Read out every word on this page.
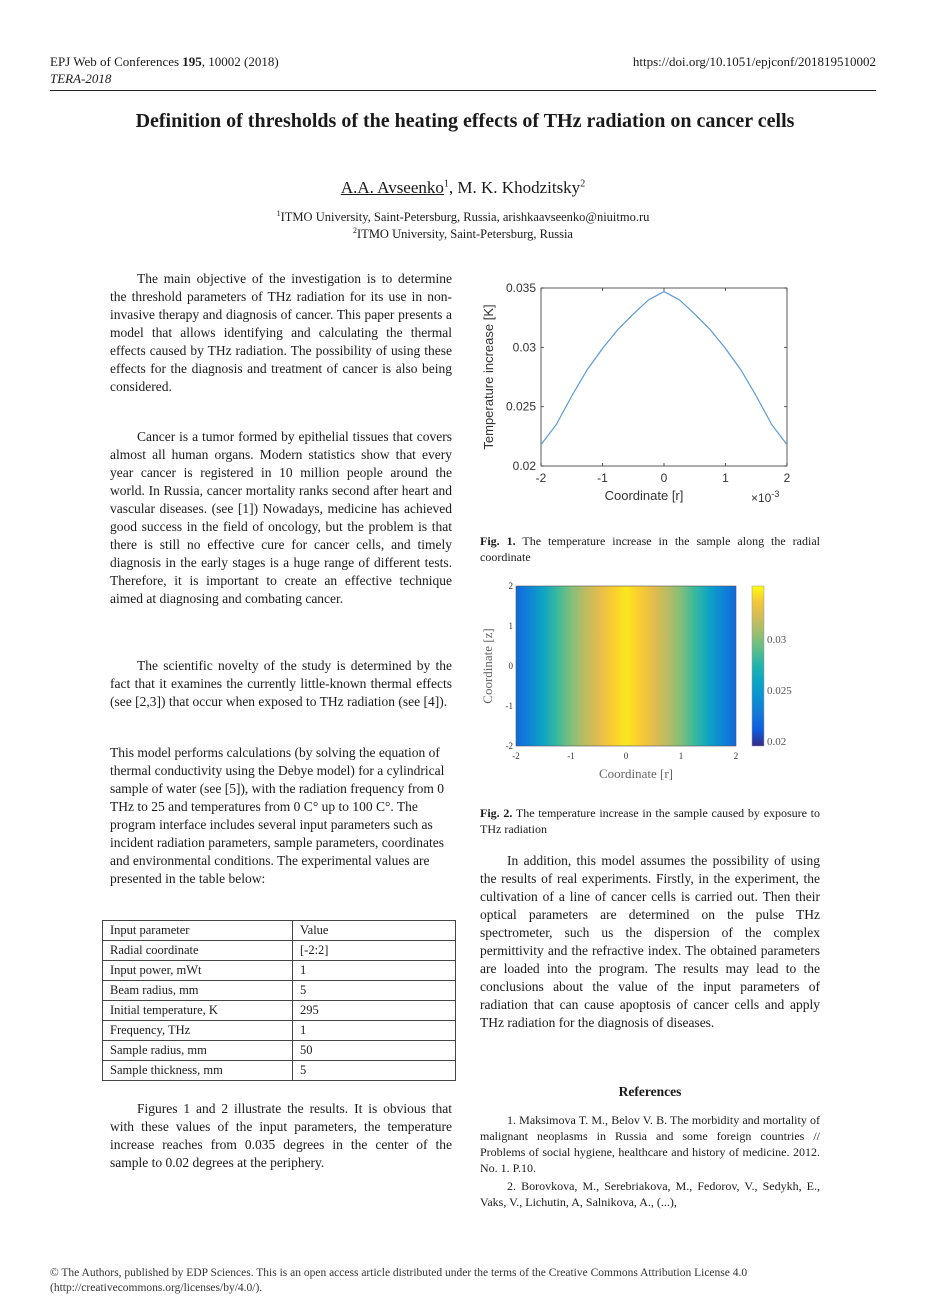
EPJ Web of Conferences 195, 10002 (2018)
TERA-2018
https://doi.org/10.1051/epjconf/201819510002
Definition of thresholds of the heating effects of THz radiation on cancer cells
A.A. Avseenko$^1$, M. K. Khodzitsky$^2$
$^1$ITMO University, Saint-Petersburg, Russia, arishkaavseenko@niuitmo.ru
$^2$ITMO University, Saint-Petersburg, Russia
The main objective of the investigation is to determine the threshold parameters of THz radiation for its use in non-invasive therapy and diagnosis of cancer. This paper presents a model that allows identifying and calculating the thermal effects caused by THz radiation. The possibility of using these effects for the diagnosis and treatment of cancer is also being considered.
Cancer is a tumor formed by epithelial tissues that covers almost all human organs. Modern statistics show that every year cancer is registered in 10 million people around the world. In Russia, cancer mortality ranks second after heart and vascular diseases. (see [1]) Nowadays, medicine has achieved good success in the field of oncology, but the problem is that there is still no effective cure for cancer cells, and timely diagnosis in the early stages is a huge range of different tests. Therefore, it is important to create an effective technique aimed at diagnosing and combating cancer.
The scientific novelty of the study is determined by the fact that it examines the currently little-known thermal effects (see [2,3]) that occur when exposed to THz radiation (see [4]).
This model performs calculations (by solving the equation of thermal conductivity using the Debye model) for a cylindrical sample of water (see [5]), with the radiation frequency from 0 THz to 25 and temperatures from 0 C° up to 100 C°. The program interface includes several input parameters such as incident radiation parameters, sample parameters, coordinates and environmental conditions. The experimental values are presented in the table below:
Input parameter	Value
Radial coordinate	[-2:2]
Input power, mWt	1
Beam radius, mm	5
Initial temperature, K	295
Frequency, THz	1
Sample radius, mm	50
Sample thickness, mm	5
Figures 1 and 2 illustrate the results. It is obvious that with these values of the input parameters, the temperature increase reaches from 0.035 degrees in the center of the sample to 0.02 degrees at the periphery.
-2	-1	0	1	2
0.02
0.025
0.03
0.035
Coordinate [r]
Temperature increase [K]
$\times 10^{-3}$
Fig. 1. The temperature increase in the sample along the radial coordinate
-2	-1	0	1	2
-2
-1
0
1
2
0.02
0.025
0.03
Coordinate [r]
Coordinate [z]
Fig. 2. The temperature increase in the sample caused by exposure to THz radiation
In addition, this model assumes the possibility of using the results of real experiments. Firstly, in the experiment, the cultivation of a line of cancer cells is carried out. Then their optical parameters are determined on the pulse THz spectrometer, such us the dispersion of the complex permittivity and the refractive index. The obtained parameters are loaded into the program. The results may lead to the conclusions about the value of the input parameters of radiation that can cause apoptosis of cancer cells and apply THz radiation for the diagnosis of diseases.
References
1. Maksimova T. M., Belov V. B. The morbidity and mortality of malignant neoplasms in Russia and some foreign countries // Problems of social hygiene, healthcare and history of medicine. 2012. No. 1. P.10.
2. Borovkova, M., Serebriakova, M., Fedorov, V., Sedykh, E., Vaks, V., Lichutin, A, Salnikova, A., (...),
© The Authors, published by EDP Sciences. This is an open access article distributed under the terms of the Creative Commons Attribution License 4.0 (http://creativecommons.org/licenses/by/4.0/).
